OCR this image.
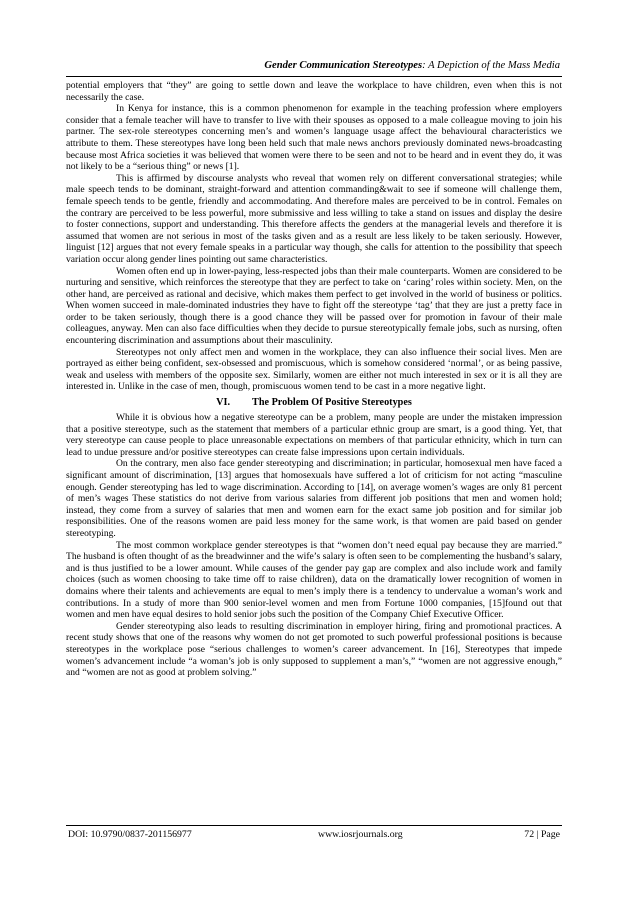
Gender Communication Stereotypes: A Depiction of the Mass Media

potential employers that “they” are going to settle down and leave the workplace to have children, even when this is not necessarily the case.

In Kenya for instance, this is a common phenomenon for example in the teaching profession where employers consider that a female teacher will have to transfer to live with their spouses as opposed to a male colleague moving to join his partner. The sex-role stereotypes concerning men’s and women’s language usage affect the behavioural characteristics we attribute to them. These stereotypes have long been held such that male news anchors previously dominated news-broadcasting because most Africa societies it was believed that women were there to be seen and not to be heard and in event they do, it was not likely to be a “serious thing” or news [1].

This is affirmed by discourse analysts who reveal that women rely on different conversational strategies; while male speech tends to be dominant, straight-forward and attention commanding&wait to see if someone will challenge them, female speech tends to be gentle, friendly and accommodating. And therefore males are perceived to be in control. Females on the contrary are perceived to be less powerful, more submissive and less willing to take a stand on issues and display the desire to foster connections, support and understanding. This therefore affects the genders at the managerial levels and therefore it is assumed that women are not serious in most of the tasks given and as a result are less likely to be taken seriously. However, linguist [12] argues that not every female speaks in a particular way though, she calls for attention to the possibility that speech variation occur along gender lines pointing out same characteristics.

Women often end up in lower-paying, less-respected jobs than their male counterparts. Women are considered to be nurturing and sensitive, which reinforces the stereotype that they are perfect to take on ‘caring’ roles within society. Men, on the other hand, are perceived as rational and decisive, which makes them perfect to get involved in the world of business or politics. When women succeed in male-dominated industries they have to fight off the stereotype ‘tag’ that they are just a pretty face in order to be taken seriously, though there is a good chance they will be passed over for promotion in favour of their male colleagues, anyway. Men can also face difficulties when they decide to pursue stereotypically female jobs, such as nursing, often encountering discrimination and assumptions about their masculinity.

Stereotypes not only affect men and women in the workplace, they can also influence their social lives. Men are portrayed as either being confident, sex-obsessed and promiscuous, which is somehow considered ‘normal’, or as being passive, weak and useless with members of the opposite sex. Similarly, women are either not much interested in sex or it is all they are interested in. Unlike in the case of men, though, promiscuous women tend to be cast in a more negative light.

VI. The Problem Of Positive Stereotypes

While it is obvious how a negative stereotype can be a problem, many people are under the mistaken impression that a positive stereotype, such as the statement that members of a particular ethnic group are smart, is a good thing. Yet, that very stereotype can cause people to place unreasonable expectations on members of that particular ethnicity, which in turn can lead to undue pressure and/or positive stereotypes can create false impressions upon certain individuals.

On the contrary, men also face gender stereotyping and discrimination; in particular, homosexual men have faced a significant amount of discrimination, [13] argues that homosexuals have suffered a lot of criticism for not acting “masculine enough. Gender stereotyping has led to wage discrimination. According to [14], on average women’s wages are only 81 percent of men’s wages These statistics do not derive from various salaries from different job positions that men and women hold; instead, they come from a survey of salaries that men and women earn for the exact same job position and for similar job responsibilities. One of the reasons women are paid less money for the same work, is that women are paid based on gender stereotyping.

The most common workplace gender stereotypes is that “women don’t need equal pay because they are married.” The husband is often thought of as the breadwinner and the wife’s salary is often seen to be complementing the husband’s salary, and is thus justified to be a lower amount. While causes of the gender pay gap are complex and also include work and family choices (such as women choosing to take time off to raise children), data on the dramatically lower recognition of women in domains where their talents and achievements are equal to men’s imply there is a tendency to undervalue a woman’s work and contributions. In a study of more than 900 senior-level women and men from Fortune 1000 companies, [15]found out that women and men have equal desires to hold senior jobs such the position of the Company Chief Executive Officer.

Gender stereotyping also leads to resulting discrimination in employer hiring, firing and promotional practices. A recent study shows that one of the reasons why women do not get promoted to such powerful professional positions is because stereotypes in the workplace pose “serious challenges to women’s career advancement. In [16], Stereotypes that impede women’s advancement include “a woman’s job is only supposed to supplement a man’s,” “women are not aggressive enough,” and “women are not as good at problem solving.”

DOI: 10.9790/0837-201156977	www.iosrjournals.org	72 | Page
